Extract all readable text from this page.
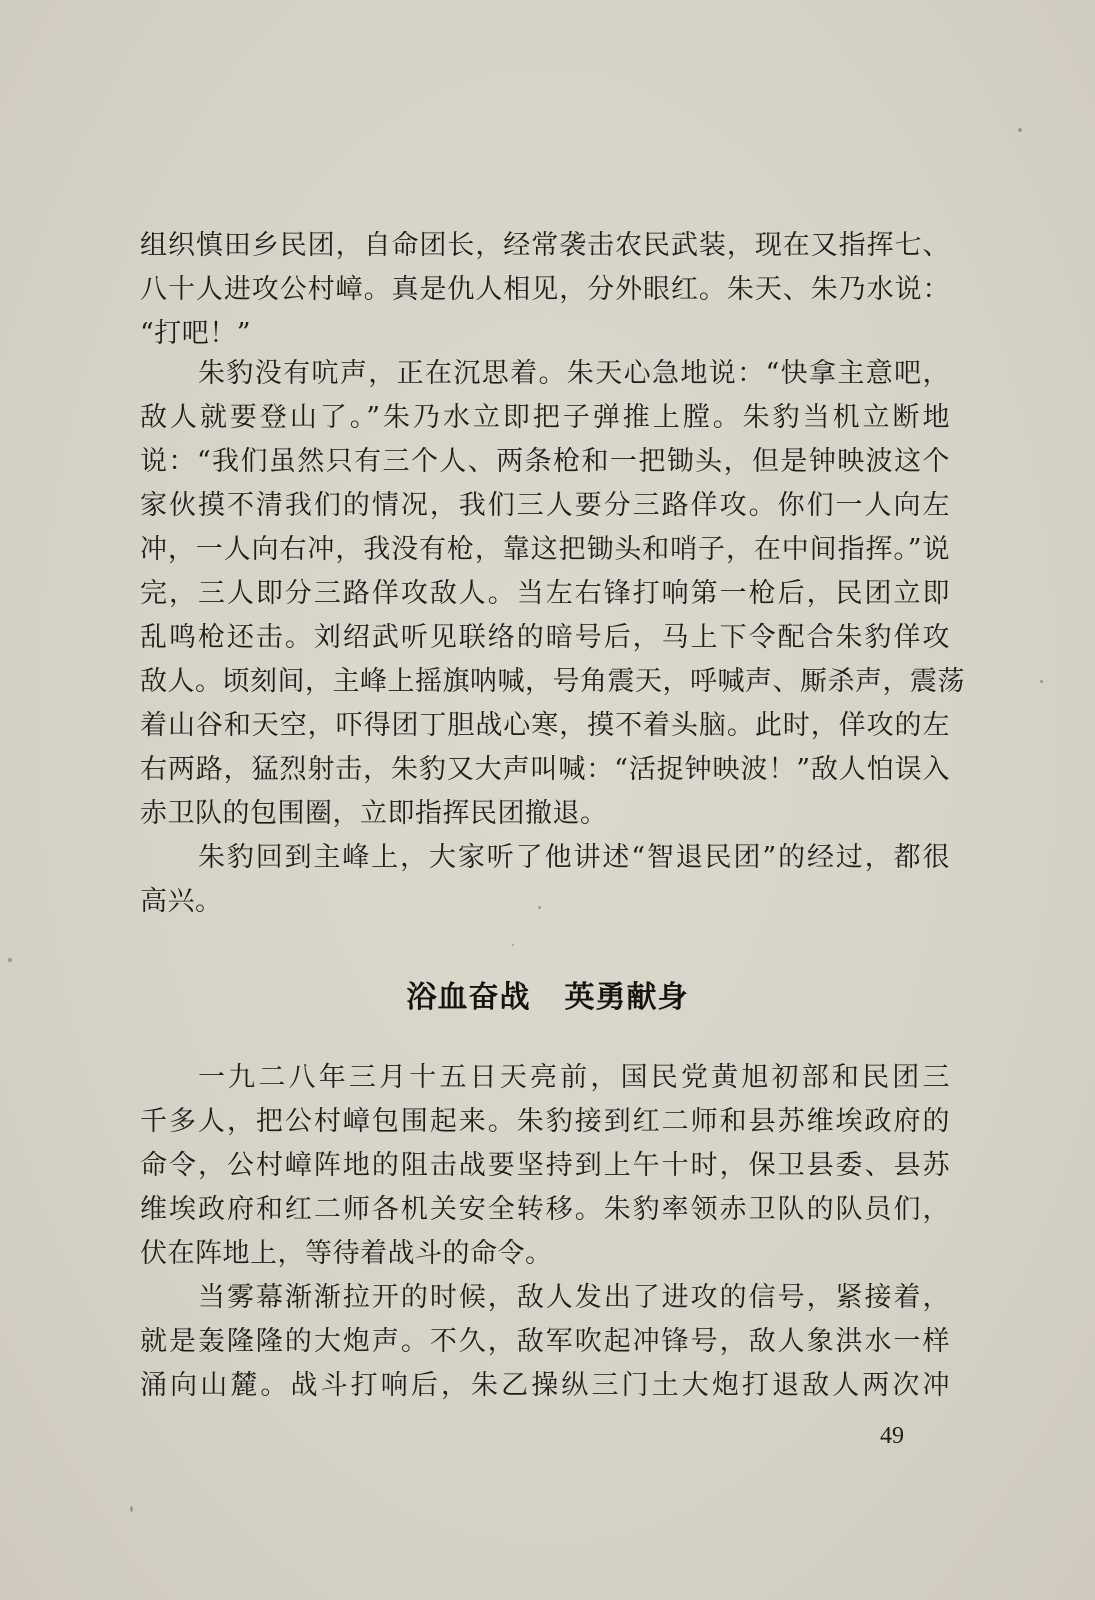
组织慎田乡民团，自命团长，经常袭击农民武装，现在又指挥七、
八十人进攻公村嶂。真是仇人相见，分外眼红。朱天、朱乃水说：
“打吧！”
朱豹没有吭声，正在沉思着。朱天心急地说：“快拿主意吧，
敌人就要登山了。”朱乃水立即把子弹推上膛。朱豹当机立断地
说：“我们虽然只有三个人、两条枪和一把锄头，但是钟映波这个
家伙摸不清我们的情况，我们三人要分三路佯攻。你们一人向左
冲，一人向右冲，我没有枪，靠这把锄头和哨子，在中间指挥。”说
完，三人即分三路佯攻敌人。当左右锋打响第一枪后，民团立即
乱鸣枪还击。刘绍武听见联络的暗号后，马上下令配合朱豹佯攻
敌人。顷刻间，主峰上摇旗呐喊，号角震天，呼喊声、厮杀声，震荡
着山谷和天空，吓得团丁胆战心寒，摸不着头脑。此时，佯攻的左
右两路，猛烈射击，朱豹又大声叫喊：“活捉钟映波！”敌人怕误入
赤卫队的包围圈，立即指挥民团撤退。
朱豹回到主峰上，大家听了他讲述“智退民团”的经过，都很
高兴。
浴血奋战 英勇献身
一九二八年三月十五日天亮前，国民党黄旭初部和民团三
千多人，把公村嶂包围起来。朱豹接到红二师和县苏维埃政府的
命令，公村嶂阵地的阻击战要坚持到上午十时，保卫县委、县苏
维埃政府和红二师各机关安全转移。朱豹率领赤卫队的队员们，
伏在阵地上，等待着战斗的命令。
当雾幕渐渐拉开的时候，敌人发出了进攻的信号，紧接着，
就是轰隆隆的大炮声。不久，敌军吹起冲锋号，敌人象洪水一样
涌向山麓。战斗打响后，朱乙操纵三门土大炮打退敌人两次冲
49
